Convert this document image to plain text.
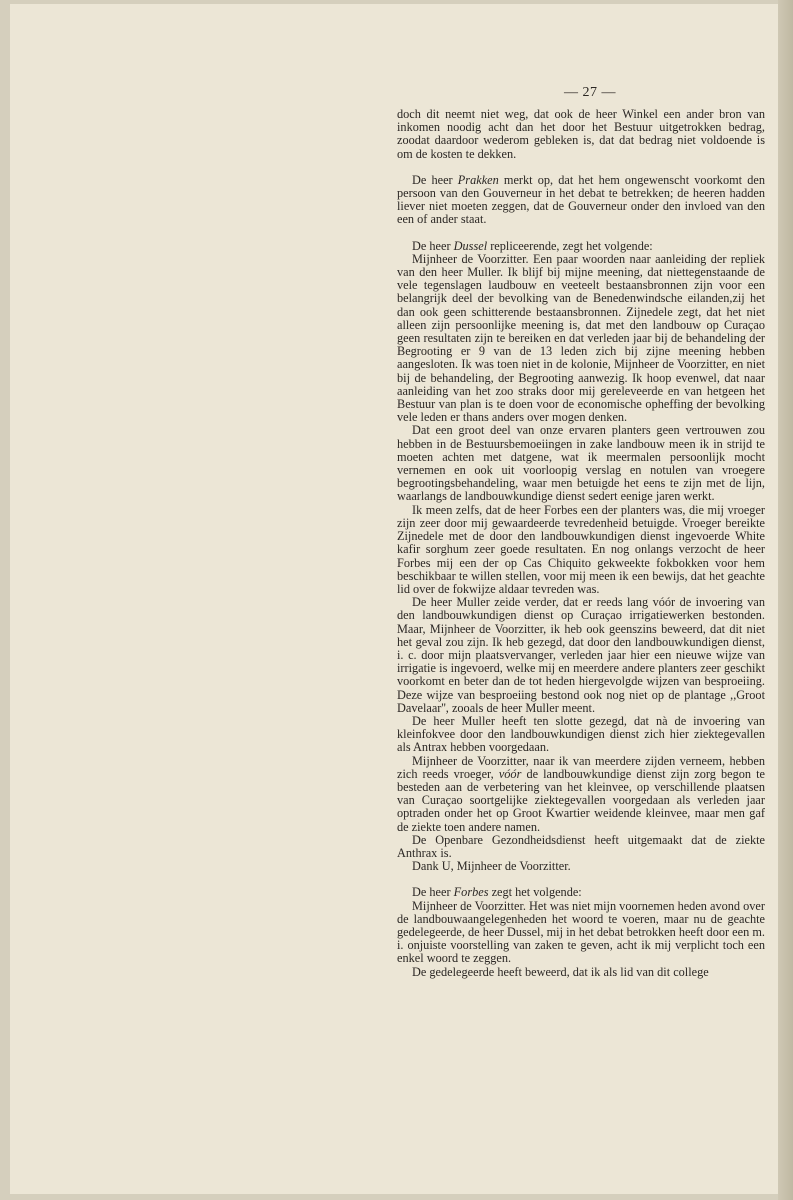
— 27 —

doch dit neemt niet weg, dat ook de heer Winkel een ander bron van inkomen noodig acht dan het door het Bestuur uitgetrokken bedrag, zoodat daardoor wederom gebleken is, dat dat bedrag niet voldoende is om de kosten te dekken.

De heer Prakken merkt op, dat het hem ongewenscht voorkomt den persoon van den Gouverneur in het debat te betrekken; de heeren hadden liever niet moeten zeggen, dat de Gouverneur onder den invloed van den een of ander staat.

De heer Dussel repliceerende, zegt het volgende:

Mijnheer de Voorzitter. Een paar woorden naar aanleiding der repliek van den heer Muller. Ik blijf bij mijne meening, dat niettegenstaande de vele tegenslagen laudbouw en veeteelt bestaansbronnen zijn voor een belangrijk deel der bevolking van de Benedenwindsche eilanden,zij het dan ook geen schitterende bestaansbronnen. Zijnedele zegt, dat het niet alleen zijn persoonlijke meening is, dat met den landbouw op Curaçao geen resultaten zijn te bereiken en dat verleden jaar bij de behandeling der Begrooting er 9 van de 13 leden zich bij zijne meening hebben aangesloten. Ik was toen niet in de kolonie, Mijnheer de Voorzitter, en niet bij de behandeling, der Begrooting aanwezig. Ik hoop evenwel, dat naar aanleiding van het zoo straks door mij gereleveerde en van hetgeen het Bestuur van plan is te doen voor de economische opheffing der bevolking vele leden er thans anders over mogen denken.

Dat een groot deel van onze ervaren planters geen vertrouwen zou hebben in de Bestuursbemoeiingen in zake landbouw meen ik in strijd te moeten achten met datgene, wat ik meermalen persoonlijk mocht vernemen en ook uit voorloopig verslag en notulen van vroegere begrootingsbehandeling, waar men betuigde het eens te zijn met de lijn, waarlangs de landbouwkundige dienst sedert eenige jaren werkt.

Ik meen zelfs, dat de heer Forbes een der planters was, die mij vroeger zijn zeer door mij gewaardeerde tevredenheid betuigde. Vroeger bereikte Zijnedele met de door den landbouwkundigen dienst ingevoerde White kafir sorghum zeer goede resultaten. En nog onlangs verzocht de heer Forbes mij een der op Cas Chiquito gekweekte fokbokken voor hem beschikbaar te willen stellen, voor mij meen ik een bewijs, dat het geachte lid over de fokwijze aldaar tevreden was.

De heer Muller zeide verder, dat er reeds lang vóór de invoering van den landbouwkundigen dienst op Curaçao irrigatiewerken bestonden. Maar, Mijnheer de Voorzitter, ik heb ook geenszins beweerd, dat dit niet het geval zou zijn. Ik heb gezegd, dat door den landbouwkundigen dienst, i. c. door mijn plaatsvervanger, verleden jaar hier een nieuwe wijze van irrigatie is ingevoerd, welke mij en meerdere andere planters zeer geschikt voorkomt en beter dan de tot heden hiergevolgde wijzen van besproeiing. Deze wijze van besproeiing bestond ook nog niet op de plantage ,,Groot Davelaar'', zooals de heer Muller meent.

De heer Muller heeft ten slotte gezegd, dat nà de invoering van kleinfokvee door den landbouwkundigen dienst zich hier ziektegevallen als Antrax hebben voorgedaan.

Mijnheer de Voorzitter, naar ik van meerdere zijden verneem, hebben zich reeds vroeger, vóór de landbouwkundige dienst zijn zorg begon te besteden aan de verbetering van het kleinvee, op verschillende plaatsen van Curaçao soortgelijke ziektegevallen voorgedaan als verleden jaar optraden onder het op Groot Kwartier weidende kleinvee, maar men gaf de ziekte toen andere namen.

De Openbare Gezondheidsdienst heeft uitgemaakt dat de ziekte Anthrax is.

Dank U, Mijnheer de Voorzitter.

De heer Forbes zegt het volgende:

Mijnheer de Voorzitter. Het was niet mijn voornemen heden avond over de landbouwaangelegenheden het woord te voeren, maar nu de geachte gedelegeerde, de heer Dussel, mij in het debat betrokken heeft door een m. i. onjuiste voorstelling van zaken te geven, acht ik mij verplicht toch een enkel woord te zeggen.

De gedelegeerde heeft beweerd, dat ik als lid van dit college
